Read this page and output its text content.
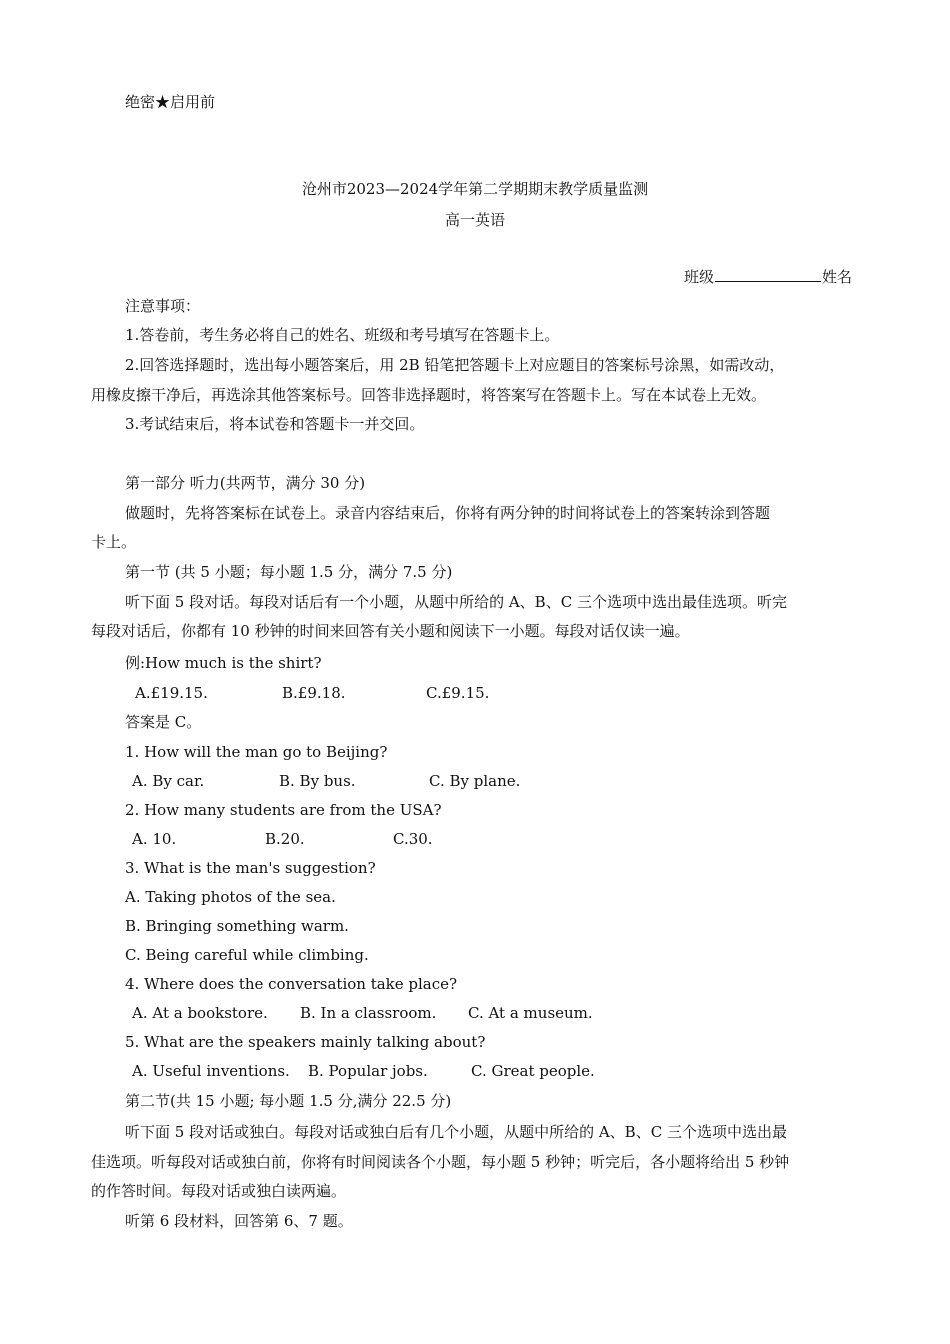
绝密★启用前
沧州市2023—2024学年第二学期期末教学质量监测
高一英语
班级	姓名
注意事项：
1.答卷前，考生务必将自己的姓名、班级和考号填写在答题卡上。
2.回答选择题时，选出每小题答案后，用 2B 铅笔把答题卡上对应题目的答案标号涂黑，如需改动，
用橡皮擦干净后，再选涂其他答案标号。回答非选择题时，将答案写在答题卡上。写在本试卷上无效。
3.考试结束后，将本试卷和答题卡一并交回。
第一部分 听力(共两节，满分 30 分)
做题时，先将答案标在试卷上。录音内容结束后，你将有两分钟的时间将试卷上的答案转涂到答题
卡上。
第一节 (共 5 小题；每小题 1.5 分，满分 7.5 分)
听下面 5 段对话。每段对话后有一个小题，从题中所给的 A、B、C 三个选项中选出最佳选项。听完
每段对话后，你都有 10 秒钟的时间来回答有关小题和阅读下一小题。每段对话仅读一遍。
例:How much is the shirt?
A.£19.15.	B.£9.18.	C.£9.15.
答案是 C。
1. How will the man go to Beijing?
A. By car.	B. By bus.	C. By plane.
2. How many students are from the USA?
A. 10.	B.20.	C.30.
3. What is the man's suggestion?
A. Taking photos of the sea.
B. Bringing something warm.
C. Being careful while climbing.
4. Where does the conversation take place?
A. At a bookstore. B. In a classroom. C. At a museum.
5. What are the speakers mainly talking about?
A. Useful inventions. B. Popular jobs.	C. Great people.
第二节(共 15 小题; 每小题 1.5 分,满分 22.5 分)
听下面 5 段对话或独白。每段对话或独白后有几个小题，从题中所给的 A、B、C 三个选项中选出最
佳选项。听每段对话或独白前，你将有时间阅读各个小题，每小题 5 秒钟；听完后，各小题将给出 5 秒钟
的作答时间。每段对话或独白读两遍。
听第 6 段材料，回答第 6、7 题。
